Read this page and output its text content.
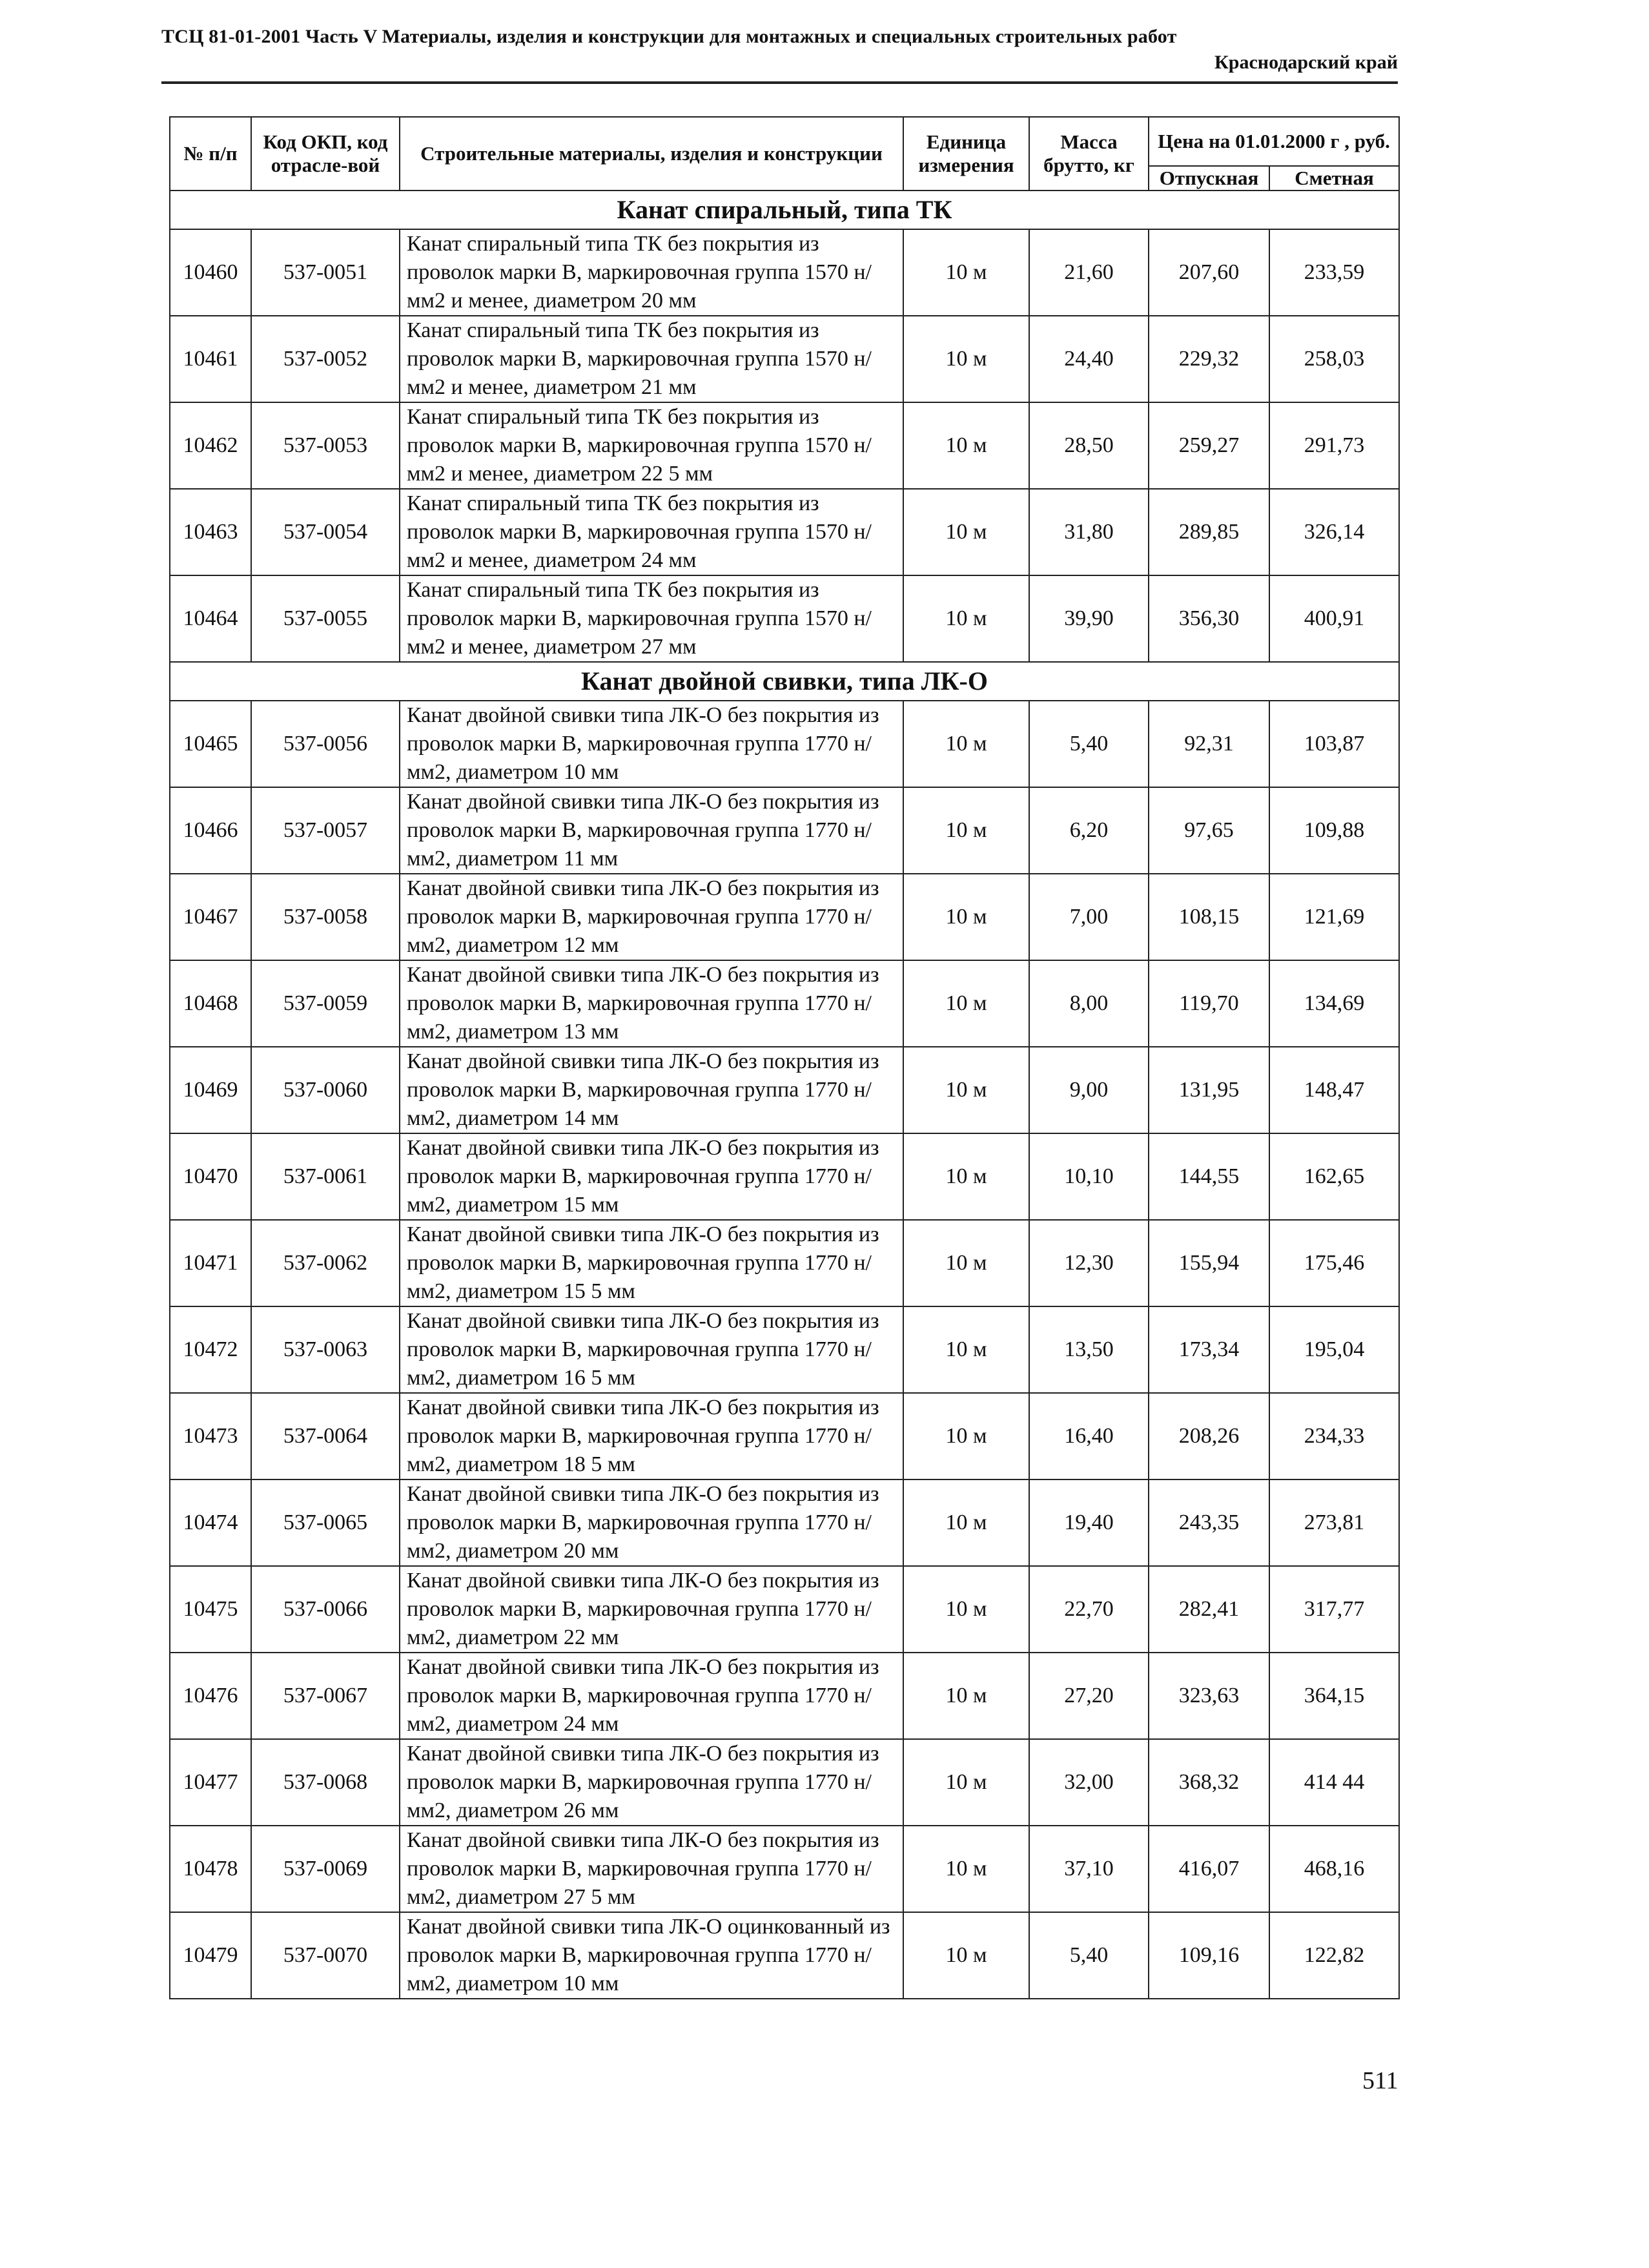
ТСЦ 81-01-2001 Часть V Материалы, изделия и конструкции для монтажных и специальных строительных работ
Краснодарский край
№ п/п	Код ОКП, код отрасле-вой	Строительные материалы, изделия и конструкции	Единица измерения	Масса брутто, кг	Цена на 01.01.2000 г , руб.	
					Отпускная	Сметная
Канат спиральный, типа ТК						
10460	537-0051	Канат спиральный типа ТК без покрытия из проволок марки В, маркировочная группа 1570 н/мм2 и менее, диаметром 20 мм	10 м	21,60	207,60	233,59
10461	537-0052	Канат спиральный типа ТК без покрытия из проволок марки В, маркировочная группа 1570 н/мм2 и менее, диаметром 21 мм	10 м	24,40	229,32	258,03
10462	537-0053	Канат спиральный типа ТК без покрытия из проволок марки В, маркировочная группа 1570 н/мм2 и менее, диаметром 22 5 мм	10 м	28,50	259,27	291,73
10463	537-0054	Канат спиральный типа ТК без покрытия из проволок марки В, маркировочная группа 1570 н/мм2 и менее, диаметром 24 мм	10 м	31,80	289,85	326,14
10464	537-0055	Канат спиральный типа ТК без покрытия из проволок марки В, маркировочная группа 1570 н/мм2 и менее, диаметром 27 мм	10 м	39,90	356,30	400,91
Канат двойной свивки, типа ЛК-О						
10465	537-0056	Канат двойной свивки типа ЛК-О без покрытия из проволок марки В, маркировочная группа 1770 н/мм2, диаметром 10 мм	10 м	5,40	92,31	103,87
10466	537-0057	Канат двойной свивки типа ЛК-О без покрытия из проволок марки В, маркировочная группа 1770 н/мм2, диаметром 11 мм	10 м	6,20	97,65	109,88
10467	537-0058	Канат двойной свивки типа ЛК-О без покрытия из проволок марки В, маркировочная группа 1770 н/мм2, диаметром 12 мм	10 м	7,00	108,15	121,69
10468	537-0059	Канат двойной свивки типа ЛК-О без покрытия из проволок марки В, маркировочная группа 1770 н/мм2, диаметром 13 мм	10 м	8,00	119,70	134,69
10469	537-0060	Канат двойной свивки типа ЛК-О без покрытия из проволок марки В, маркировочная группа 1770 н/мм2, диаметром 14 мм	10 м	9,00	131,95	148,47
10470	537-0061	Канат двойной свивки типа ЛК-О без покрытия из проволок марки В, маркировочная группа 1770 н/мм2, диаметром 15 мм	10 м	10,10	144,55	162,65
10471	537-0062	Канат двойной свивки типа ЛК-О без покрытия из проволок марки В, маркировочная группа 1770 н/мм2, диаметром 15 5 мм	10 м	12,30	155,94	175,46
10472	537-0063	Канат двойной свивки типа ЛК-О без покрытия из проволок марки В, маркировочная группа 1770 н/мм2, диаметром 16 5 мм	10 м	13,50	173,34	195,04
10473	537-0064	Канат двойной свивки типа ЛК-О без покрытия из проволок марки В, маркировочная группа 1770 н/мм2, диаметром 18 5 мм	10 м	16,40	208,26	234,33
10474	537-0065	Канат двойной свивки типа ЛК-О без покрытия из проволок марки В, маркировочная группа 1770 н/мм2, диаметром 20 мм	10 м	19,40	243,35	273,81
10475	537-0066	Канат двойной свивки типа ЛК-О без покрытия из проволок марки В, маркировочная группа 1770 н/мм2, диаметром 22 мм	10 м	22,70	282,41	317,77
10476	537-0067	Канат двойной свивки типа ЛК-О без покрытия из проволок марки В, маркировочная группа 1770 н/мм2, диаметром 24 мм	10 м	27,20	323,63	364,15
10477	537-0068	Канат двойной свивки типа ЛК-О без покрытия из проволок марки В, маркировочная группа 1770 н/мм2, диаметром 26 мм	10 м	32,00	368,32	414 44
10478	537-0069	Канат двойной свивки типа ЛК-О без покрытия из проволок марки В, маркировочная группа 1770 н/мм2, диаметром 27 5 мм	10 м	37,10	416,07	468,16
10479	537-0070	Канат двойной свивки типа ЛК-О оцинкованный из проволок марки В, маркировочная группа 1770 н/мм2, диаметром 10 мм	10 м	5,40	109,16	122,82
511
